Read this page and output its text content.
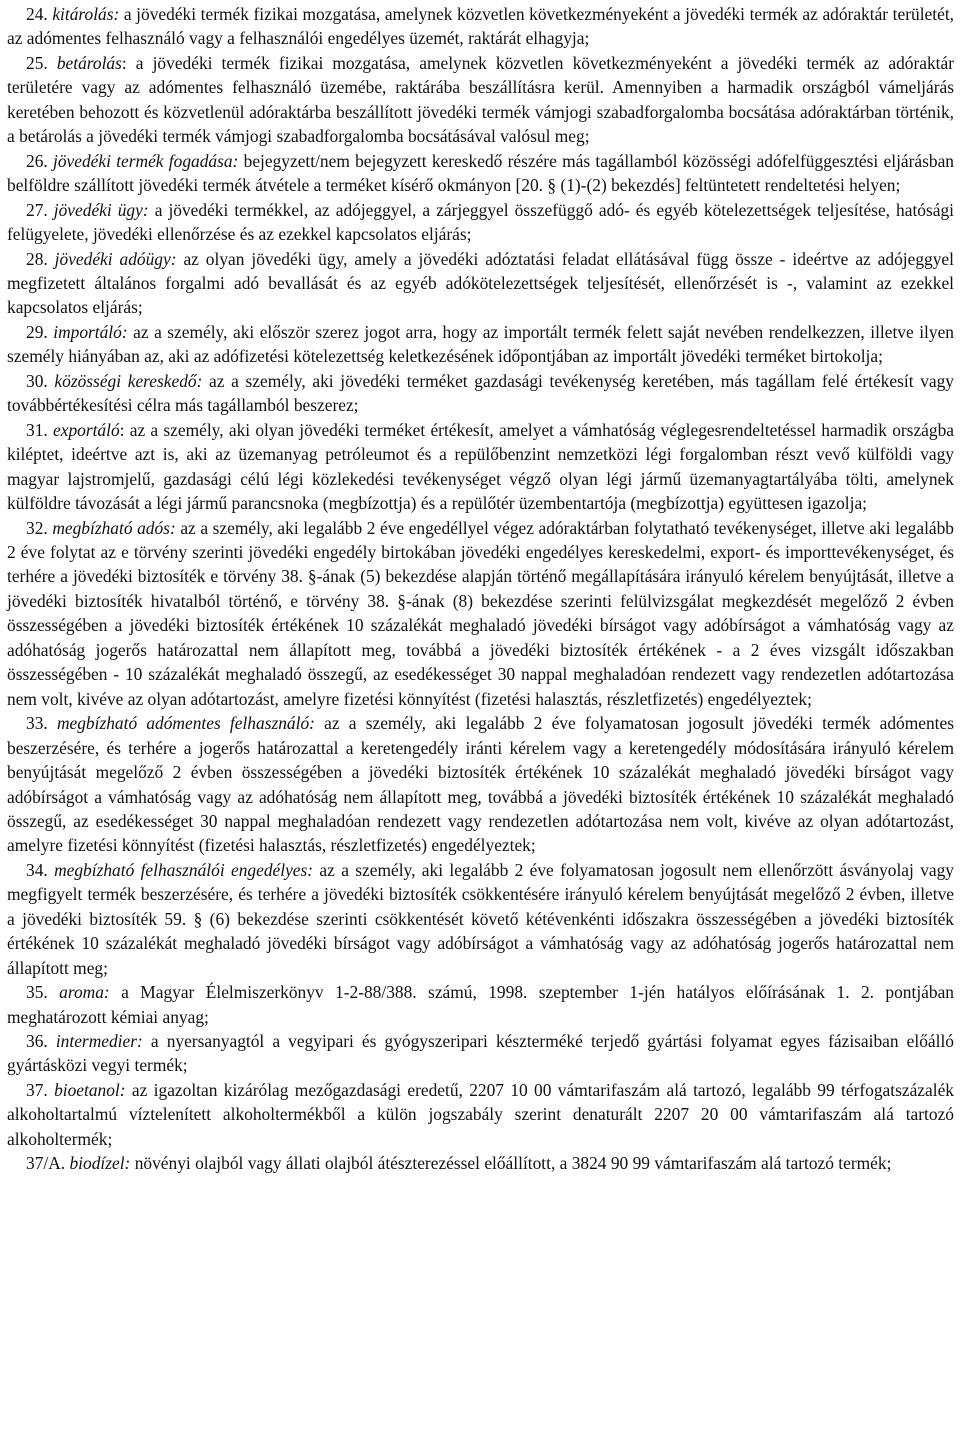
24. kitárolás: a jövedéki termék fizikai mozgatása, amelynek közvetlen következményeként a jövedéki termék az adóraktár területét, az adómentes felhasználó vagy a felhasználói engedélyes üzemét, raktárát elhagyja;

25. betárolás: a jövedéki termék fizikai mozgatása, amelynek közvetlen következményeként a jövedéki termék az adóraktár területére vagy az adómentes felhasználó üzemébe, raktárába beszállításra kerül. Amennyiben a harmadik országból vámeljárás keretében behozott és közvetlenül adóraktárba beszállított jövedéki termék vámjogi szabadforgalomba bocsátása adóraktárban történik, a betárolás a jövedéki termék vámjogi szabadforgalomba bocsátásával valósul meg;

26. jövedéki termék fogadása: bejegyzett/nem bejegyzett kereskedő részére más tagállamból közösségi adófelfüggesztési eljárásban belföldre szállított jövedéki termék átvétele a terméket kísérő okmányon [20. § (1)-(2) bekezdés] feltüntetett rendeltetési helyen;

27. jövedéki ügy: a jövedéki termékkel, az adójeggyel, a zárjeggyel összefüggő adó- és egyéb kötelezettségek teljesítése, hatósági felügyelete, jövedéki ellenőrzése és az ezekkel kapcsolatos eljárás;

28. jövedéki adóügy: az olyan jövedéki ügy, amely a jövedéki adóztatási feladat ellátásával függ össze - ideértve az adójeggyel megfizetett általános forgalmi adó bevallását és az egyéb adókötelezettségek teljesítését, ellenőrzését is -, valamint az ezekkel kapcsolatos eljárás;

29. importáló: az a személy, aki először szerez jogot arra, hogy az importált termék felett saját nevében rendelkezzen, illetve ilyen személy hiányában az, aki az adófizetési kötelezettség keletkezésének időpontjában az importált jövedéki terméket birtokolja;

30. közösségi kereskedő: az a személy, aki jövedéki terméket gazdasági tevékenység keretében, más tagállam felé értékesít vagy továbbértékesítési célra más tagállamból beszerez;

31. exportáló: az a személy, aki olyan jövedéki terméket értékesít, amelyet a vámhatóság véglegesrendeltetéssel harmadik országba kiléptet, ideértve azt is, aki az üzemanyag petróleumot és a repülőbenzint nemzetközi légi forgalomban részt vevő külföldi vagy magyar lajstromjelű, gazdasági célú légi közlekedési tevékenységet végző olyan légi jármű üzemanyagtartályába tölti, amelynek külföldre távozását a légi jármű parancsnoka (megbízottja) és a repülőtér üzembentartója (megbízottja) együttesen igazolja;

32. megbízható adós: az a személy, aki legalább 2 éve engedéllyel végez adóraktárban folytatható tevékenységet, illetve aki legalább 2 éve folytat az e törvény szerinti jövedéki engedély birtokában jövedéki engedélyes kereskedelmi, export- és importtevékenységet, és terhére a jövedéki biztosíték e törvény 38. §-ának (5) bekezdése alapján történő megállapítására irányuló kérelem benyújtását, illetve a jövedéki biztosíték hivatalból történő, e törvény 38. §-ának (8) bekezdése szerinti felülvizsgálat megkezdését megelőző 2 évben összességében a jövedéki biztosíték értékének 10 százalékát meghaladó jövedéki bírságot vagy adóbírságot a vámhatóság vagy az adóhatóság jogerős határozattal nem állapított meg, továbbá a jövedéki biztosíték értékének - a 2 éves vizsgált időszakban összességében - 10 százalékát meghaladó összegű, az esedékességet 30 nappal meghaladóan rendezett vagy rendezetlen adótartozása nem volt, kivéve az olyan adótartozást, amelyre fizetési könnyítést (fizetési halasztás, részletfizetés) engedélyeztek;

33. megbízható adómentes felhasználó: az a személy, aki legalább 2 éve folyamatosan jogosult jövedéki termék adómentes beszerzésére, és terhére a jogerős határozattal a keretengedély iránti kérelem vagy a keretengedély módosítására irányuló kérelem benyújtását megelőző 2 évben összességében a jövedéki biztosíték értékének 10 százalékát meghaladó jövedéki bírságot vagy adóbírságot a vámhatóság vagy az adóhatóság nem állapított meg, továbbá a jövedéki biztosíték értékének 10 százalékát meghaladó összegű, az esedékességet 30 nappal meghaladóan rendezett vagy rendezetlen adótartozása nem volt, kivéve az olyan adótartozást, amelyre fizetési könnyítést (fizetési halasztás, részletfizetés) engedélyeztek;

34. megbízható felhasználói engedélyes: az a személy, aki legalább 2 éve folyamatosan jogosult nem ellenőrzött ásványolaj vagy megfigyelt termék beszerzésére, és terhére a jövedéki biztosíték csökkentésére irányuló kérelem benyújtását megelőző 2 évben, illetve a jövedéki biztosíték 59. § (6) bekezdése szerinti csökkentését követő kétévenkénti időszakra összességében a jövedéki biztosíték értékének 10 százalékát meghaladó jövedéki bírságot vagy adóbírságot a vámhatóság vagy az adóhatóság jogerős határozattal nem állapított meg;

35. aroma: a Magyar Élelmiszerkönyv 1-2-88/388. számú, 1998. szeptember 1-jén hatályos előírásának 1. 2. pontjában meghatározott kémiai anyag;

36. intermedier: a nyersanyagtól a vegyipari és gyógyszeripari készterméké terjedő gyártási folyamat egyes fázisaiban előálló gyártásközi vegyi termék;

37. bioetanol: az igazoltan kizárólag mezőgazdasági eredetű, 2207 10 00 vámtarifaszám alá tartozó, legalább 99 térfogatszázalék alkoholtartalmú víztelenített alkoholtermékből a külön jogszabály szerint denaturált 2207 20 00 vámtarifaszám alá tartozó alkoholtermék;

37/A. biodízel: növényi olajból vagy állati olajból átészterezéssel előállított, a 3824 90 99 vámtarifaszám alá tartozó termék;
